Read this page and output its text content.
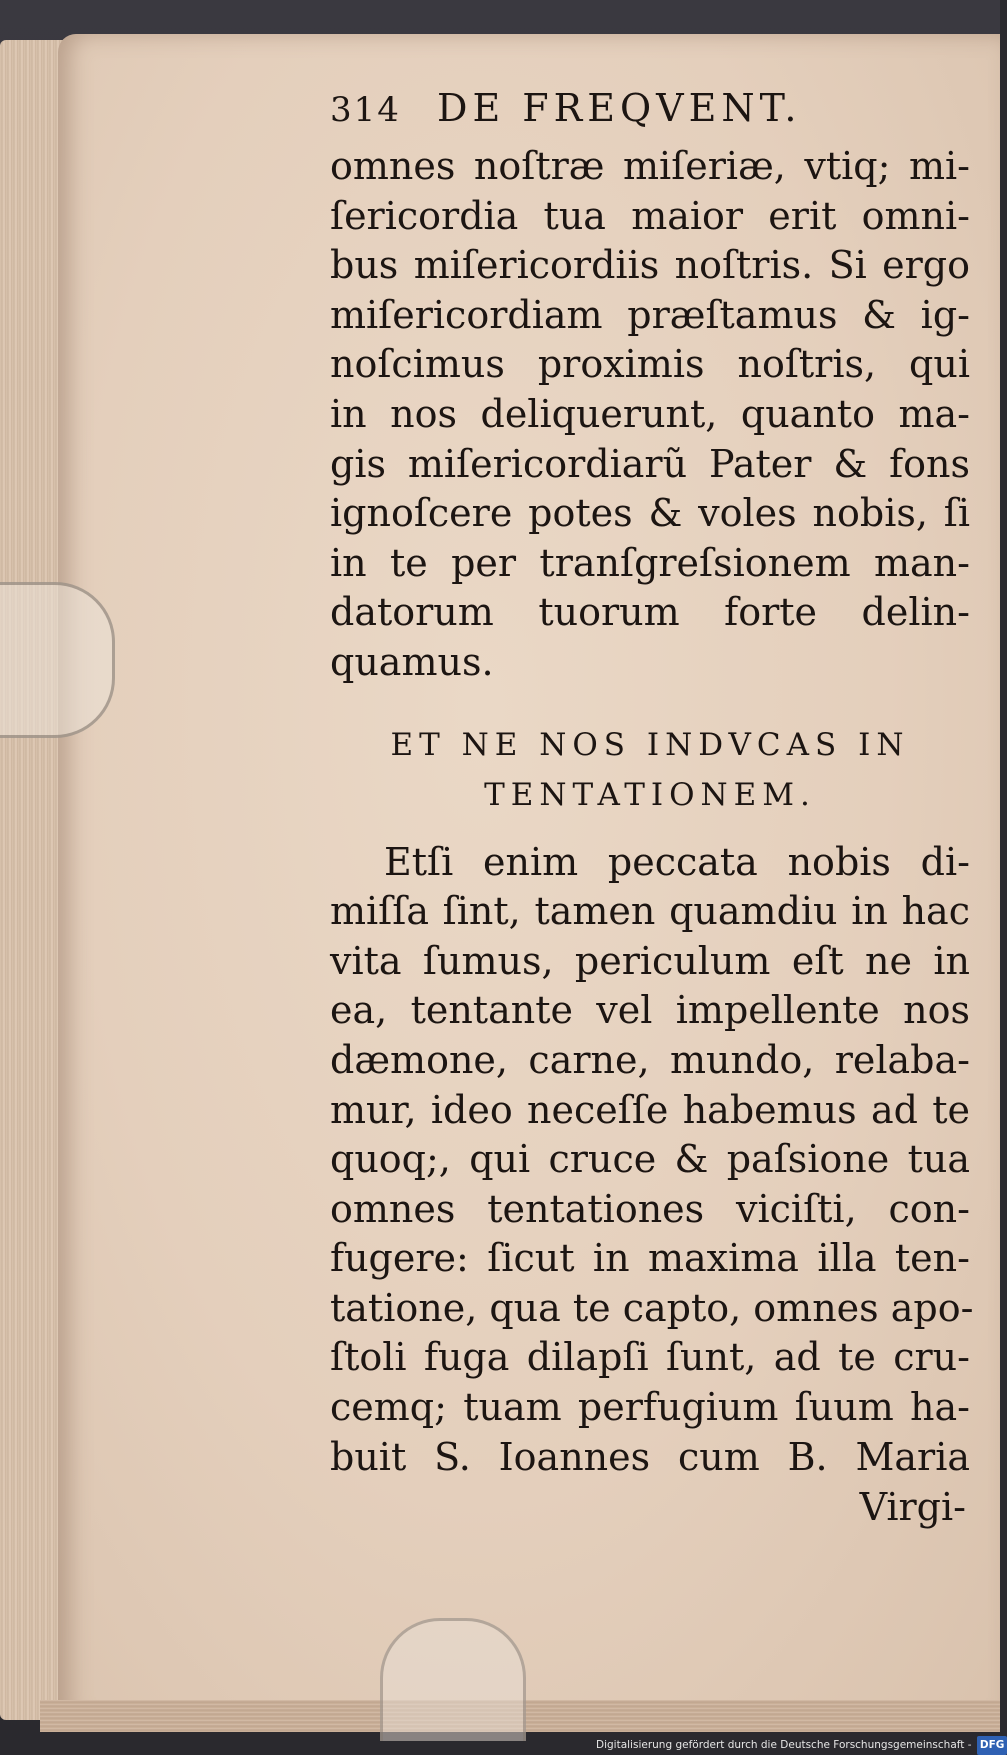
314 DE FREQVENT.
omnes noſtræ miſeriæ, vtiq; mi-
ſericordia tua maior erit omni-
bus miſericordiis noſtris. Si ergo
miſericordiam præſtamus & ig-
noſcimus proximis noſtris, qui
in nos deliquerunt, quanto ma-
gis miſericordiarũ Pater & fons
ignoſcere potes & voles nobis, ſi
in te per tranſgreſsionem man-
datorum tuorum forte delin-
quamus.
ET NE NOS INDVCAS IN
TENTATIONEM.
Etſi enim peccata nobis di-
miſſa ſint, tamen quamdiu in hac
vita ſumus, periculum eſt ne in
ea, tentante vel impellente nos
dæmone, carne, mundo, relaba-
mur, ideo neceſſe habemus ad te
quoq;, qui cruce & paſsione tua
omnes tentationes viciſti, con-
fugere: ſicut in maxima illa ten-
tatione, qua te capto, omnes apo-
ſtoli fuga dilapſi ſunt, ad te cru-
cemq; tuam perfugium ſuum ha-
buit S. Ioannes cum B. Maria
Virgi-
Digitalisierung gefördert durch die Deutsche Forschungsgemeinschaft - DFG
